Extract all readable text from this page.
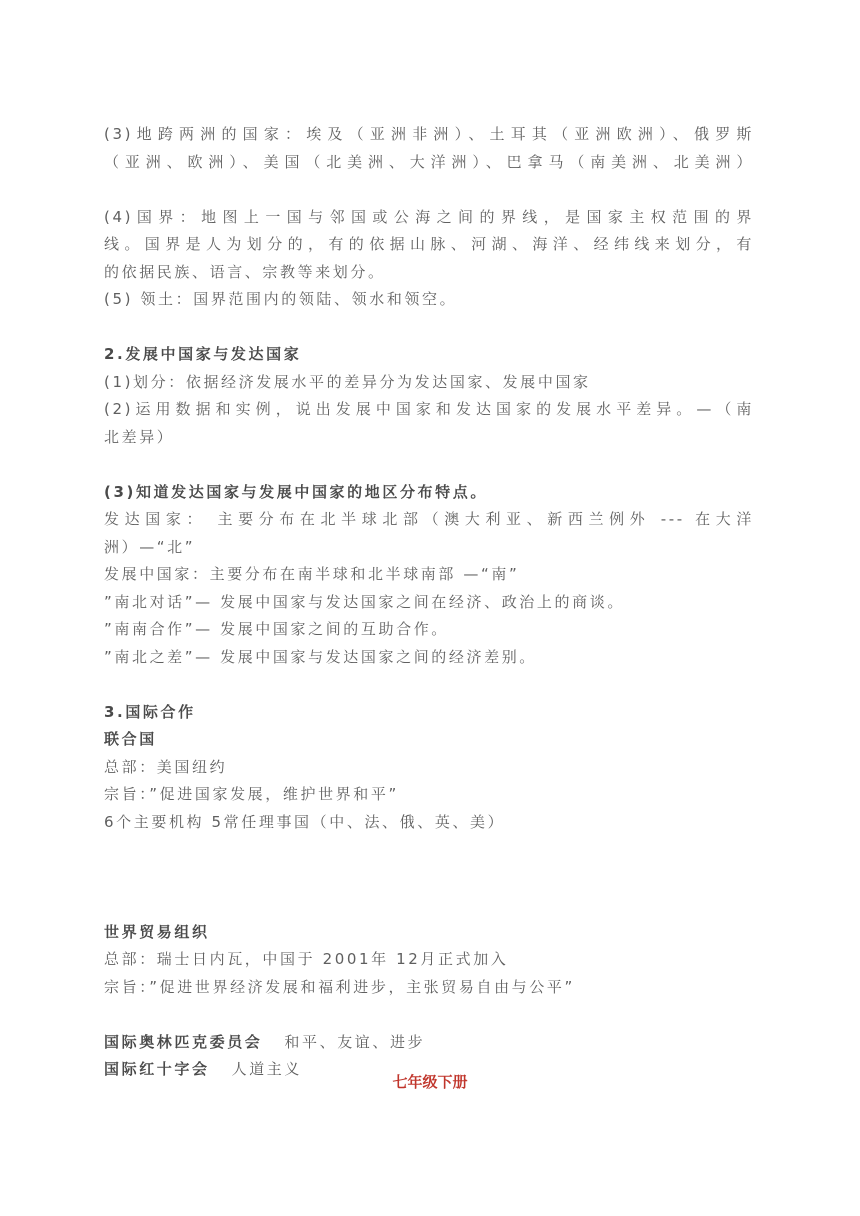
(3)地跨两洲的国家：埃及（亚洲非洲）、土耳其（亚洲欧洲）、俄罗斯
（亚洲、欧洲）、美国（北美洲、大洋洲）、巴拿马（南美洲、北美洲）
(4)国界：地图上一国与邻国或公海之间的界线，是国家主权范围的界
线。国界是人为划分的，有的依据山脉、河湖、海洋、经纬线来划分，有
的依据民族、语言、宗教等来划分。
(5) 领土：国界范围内的领陆、领水和领空。
2.发展中国家与发达国家
(1)划分：依据经济发展水平的差异分为发达国家、发展中国家
(2)运用数据和实例，说出发展中国家和发达国家的发展水平差异。—（南
北差异）
(3)知道发达国家与发展中国家的地区分布特点。
发达国家： 主要分布在北半球北部（澳大利亚、新西兰例外 --- 在大洋
洲）—“北”
发展中国家：主要分布在南半球和北半球南部 —“南”
”南北对话”— 发展中国家与发达国家之间在经济、政治上的商谈。
”南南合作”— 发展中国家之间的互助合作。
”南北之差”— 发展中国家与发达国家之间的经济差别。
3.国际合作
联合国
总部：美国纽约
宗旨：”促进国家发展，维护世界和平”
6个主要机构 5常任理事国（中、法、俄、英、美）
世界贸易组织
总部：瑞士日内瓦，中国于 2001年 12月正式加入
宗旨：”促进世界经济发展和福利进步，主张贸易自由与公平”
国际奥林匹克委员会 和平、友谊、进步
国际红十字会 人道主义
七年级下册
